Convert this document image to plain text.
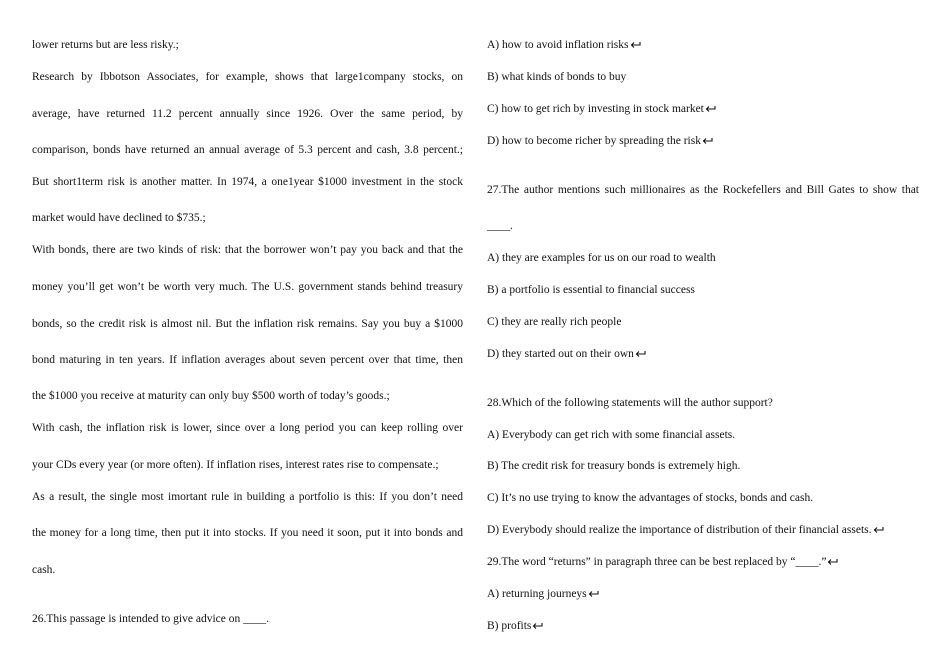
lower returns but are less risky.;
Research by Ibbotson Associates, for example, shows that large1company stocks, on
average, have returned 11.2 percent annually since 1926. Over the same period, by
comparison, bonds have returned an annual average of 5.3 percent and cash, 3.8 percent.;
But short1term risk is another matter. In 1974, a one1year $1000 investment in the stock
market would have declined to $735.;
With bonds, there are two kinds of risk: that the borrower won’t pay you back and that the
money you’ll get won’t be worth very much. The U.S. government stands behind treasury
bonds, so the credit risk is almost nil. But the inflation risk remains. Say you buy a $1000
bond maturing in ten years. If inflation averages about seven percent over that time, then
the $1000 you receive at maturity can only buy $500 worth of today’s goods.;
With cash, the inflation risk is lower, since over a long period you can keep rolling over
your CDs every year (or more often). If inflation rises, interest rates rise to compensate.;
As a result, the single most imortant rule in building a portfolio is this: If you don’t need
the money for a long time, then put it into stocks. If you need it soon, put it into bonds and
cash.
26.This passage is intended to give advice on ____.
A) how to avoid inflation risks
B) what kinds of bonds to buy
C) how to get rich by investing in stock market
D) how to become richer by spreading the risk
27.The author mentions such millionaires as the Rockefellers and Bill Gates to show that
____.
A) they are examples for us on our road to wealth
B) a portfolio is essential to financial success
C) they are really rich people
D) they started out on their own
28.Which of the following statements will the author support?
A) Everybody can get rich with some financial assets.
B) The credit risk for treasury bonds is extremely high.
C) It’s no use trying to know the advantages of stocks, bonds and cash.
D) Everybody should realize the importance of distribution of their financial assets.
29.The word “returns” in paragraph three can be best replaced by “____.”
A) returning journeys
B) profits
